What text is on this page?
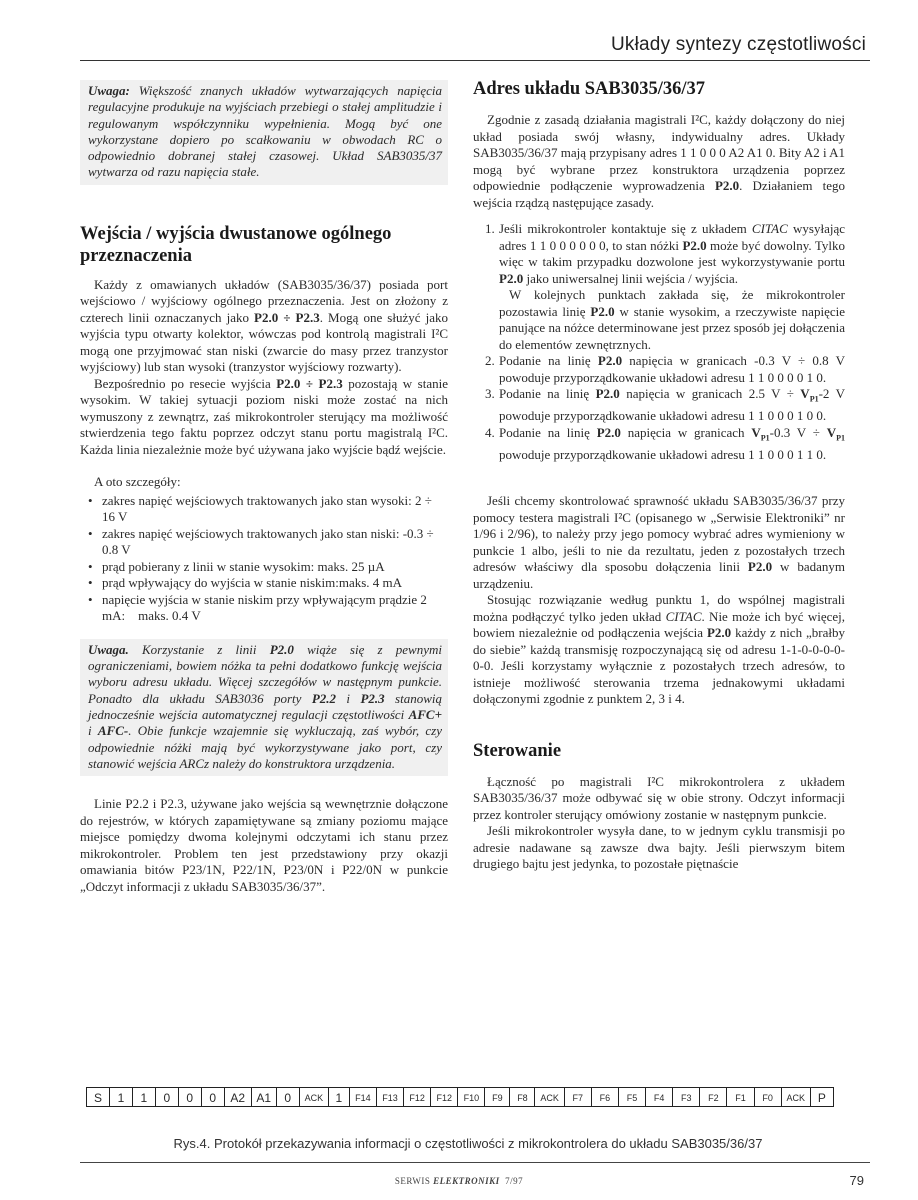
Układy syntezy częstotliwości
Uwaga: Większość znanych układów wytwarzających napięcia regulacyjne produkuje na wyjściach przebiegi o stałej amplitudzie i regulowanym współczynniku wypełnienia. Mogą być one wykorzystane dopiero po scałkowaniu w obwodach RC o odpowiednio dobranej stałej czasowej. Układ SAB3035/37 wytwarza od razu napięcia stałe.
Wejścia / wyjścia dwustanowe ogólnego przeznaczenia

Każdy z omawianych układów (SAB3035/36/37) posiada port wejściowo / wyjściowy ogólnego przeznaczenia. Jest on złożony z czterech linii oznaczanych jako P2.0 ÷ P2.3. Mogą one służyć jako wyjścia typu otwarty kolektor, wówczas pod kontrolą magistrali I²C mogą one przyjmować stan niski (zwarcie do masy przez tranzystor wyjściowy) lub stan wysoki (tranzystor wyjściowy rozwarty).

Bezpośrednio po resecie wyjścia P2.0 ÷ P2.3 pozostają w stanie wysokim. W takiej sytuacji poziom niski może zostać na nich wymuszony z zewnątrz, zaś mikrokontroler sterujący ma możliwość stwierdzenia tego faktu poprzez odczyt stanu portu magistralą I²C. Każda linia niezależnie może być używana jako wyjście bądź wejście.

A oto szczegóły:

• zakres napięć wejściowych traktowanych jako stan wysoki: 2 ÷ 16 V
• zakres napięć wejściowych traktowanych jako stan niski: -0.3 ÷ 0.8 V
• prąd pobierany z linii w stanie wysokim: maks. 25 µA
• prąd wpływający do wyjścia w stanie niskim:maks. 4 mA
• napięcie wyjścia w stanie niskim przy wpływającym prądzie 2 mA:    maks. 0.4 V
Uwaga. Korzystanie z linii P2.0 wiąże się z pewnymi ograniczeniami, bowiem nóżka ta pełni dodatkowo funkcję wejścia wyboru adresu układu. Więcej szczegółów w następnym punkcie. Ponadto dla układu SAB3036 porty P2.2 i P2.3 stanowią jednocześnie wejścia automatycznej regulacji częstotliwości AFC+ i AFC-. Obie funkcje wzajemnie się wykluczają, zaś wybór, czy odpowiednie nóżki mają być wykorzystywane jako port, czy stanowić wejścia ARCz należy do konstruktora urządzenia.

Linie P2.2 i P2.3, używane jako wejścia są wewnętrznie dołączone do rejestrów, w których zapamiętywane są zmiany poziomu mające miejsce pomiędzy dwoma kolejnymi odczytami ich stanu przez mikrokontroler. Problem ten jest przedstawiony przy okazji omawiania bitów P23/1N, P22/1N, P23/0N i P22/0N w punkcie „Odczyt informacji z układu SAB3035/36/37”.

Adres układu SAB3035/36/37

Zgodnie z zasadą działania magistrali I²C, każdy dołączony do niej układ posiada swój własny, indywidualny adres. Układy SAB3035/36/37 mają przypisany adres 1 1 0 0 0 A2 A1 0. Bity A2 i A1 mogą być wybrane przez konstruktora urządzenia poprzez odpowiednie podłączenie wyprowadzenia P2.0. Działaniem tego wejścia rządzą następujące zasady.

1. Jeśli mikrokontroler kontaktuje się z układem CITAC wysyłając adres 1 1 0 0 0 0 0 0, to stan nóżki P2.0 może być dowolny. Tylko więc w takim przypadku dozwolone jest wykorzystywanie portu P2.0 jako uniwersalnej linii wejścia / wyjścia.
W kolejnych punktach zakłada się, że mikrokontroler pozostawia linię P2.0 w stanie wysokim, a rzeczywiste napięcie panujące na nóżce determinowane jest przez sposób jej dołączenia do elementów zewnętrznych.
2. Podanie na linię P2.0 napięcia w granicach -0.3 V ÷ 0.8 V powoduje przyporządkowanie układowi adresu 1 1 0 0 0 0 1 0.
3. Podanie na linię P2.0 napięcia w granicach 2.5 $V \div V_{P1}-2$ V powoduje przyporządkowanie układowi adresu 1 1 0 0 0 1 0 0.
4. Podanie na linię P2.0 napięcia w granicach $V_{P1}-0.3$ $V \div V_{P1}$ powoduje przyporządkowanie układowi adresu 1 1 0 0 0 1 1 0.

Jeśli chcemy skontrolować sprawność układu SAB3035/36/37 przy pomocy testera magistrali I²C (opisanego w „Serwisie Elektroniki” nr 1/96 i 2/96), to należy przy jego pomocy wybrać adres wymieniony w punkcie 1 albo, jeśli to nie da rezultatu, jeden z pozostałych trzech adresów właściwy dla sposobu dołączenia linii P2.0 w badanym urządzeniu.

Stosując rozwiązanie według punktu 1, do wspólnej magistrali można podłączyć tylko jeden układ CITAC. Nie może ich być więcej, bowiem niezależnie od podłączenia wejścia P2.0 każdy z nich „brałby do siebie” każdą transmisję rozpoczynającą się od adresu 1-1-0-0-0-0-0-0. Jeśli korzystamy wyłącznie z pozostałych trzech adresów, to istnieje możliwość sterowania trzema jednakowymi układami dołączonymi zgodnie z punktem 2, 3 i 4.

Sterowanie

Łączność po magistrali I²C mikrokontrolera z układem SAB3035/36/37 może odbywać się w obie strony. Odczyt informacji przez kontroler sterujący omówiony zostanie w następnym punkcie.

Jeśli mikrokontroler wysyła dane, to w jednym cyklu transmisji po adresie nadawane są zawsze dwa bajty. Jeśli pierwszym bitem drugiego bajtu jest jedynka, to pozostałe piętnaście

S	1	1	0	0	0	A2	A1	0	ACK	1	F14	F13	F12	F12	F10	F9	F8	ACK	F7	F6	F5	F4	F3	F2	F1	F0	ACK	P
Rys.4. Protokół przekazywania informacji o częstotliwości z mikrokontrolera do układu SAB3035/36/37
SERWIS ELEKTRONIKI 7/97	79
